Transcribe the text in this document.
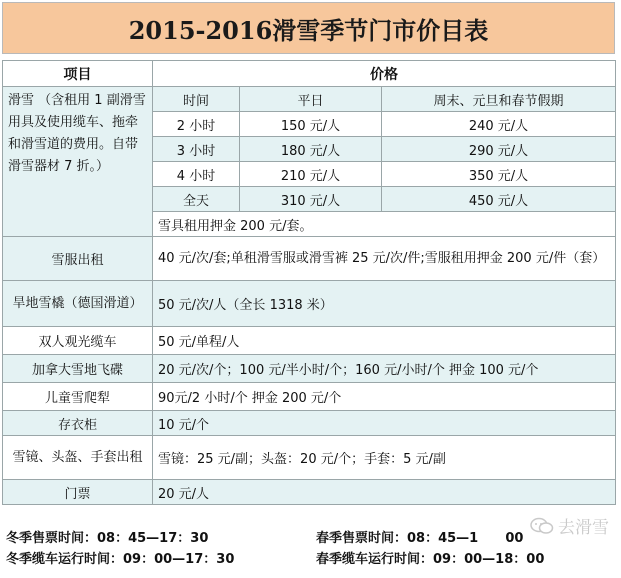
2015-2016滑雪季节门市价目表
项目	价格		
滑雪 （含租用 1 副滑雪用具及使用缆车、拖牵和滑雪道的费用。自带滑雪器材 7 折。）	时间	平日	周末、元旦和春节假期
	2 小时	150 元/人	240 元/人
	3 小时	180 元/人	290 元/人
	4 小时	210 元/人	350 元/人
	全天	310 元/人	450 元/人
	雪具租用押金 200 元/套。		
雪服出租	40 元/次/套;单租滑雪服或滑雪裤 25 元/次/件;雪服租用押金 200 元/件（套）		
旱地雪橇（德国滑道）	50 元/次/人（全长 1318 米）		
双人观光缆车	50 元/单程/人		
加拿大雪地飞碟	20 元/次/个；100 元/半小时/个；160 元/小时/个 押金 100 元/个		
儿童雪爬犁	90元/2 小时/个 押金 200 元/个		
存衣柜	10 元/个		
雪镜、头盔、手套出租	雪镜：25 元/副；头盔：20 元/个；手套：5 元/副		
门票	20 元/人		
冬季售票时间：08：45—17：30	春季售票时间：08：45—1      00
冬季缆车运行时间：09：00—17：30	春季缆车运行时间：09：00—18：00
去滑雪
